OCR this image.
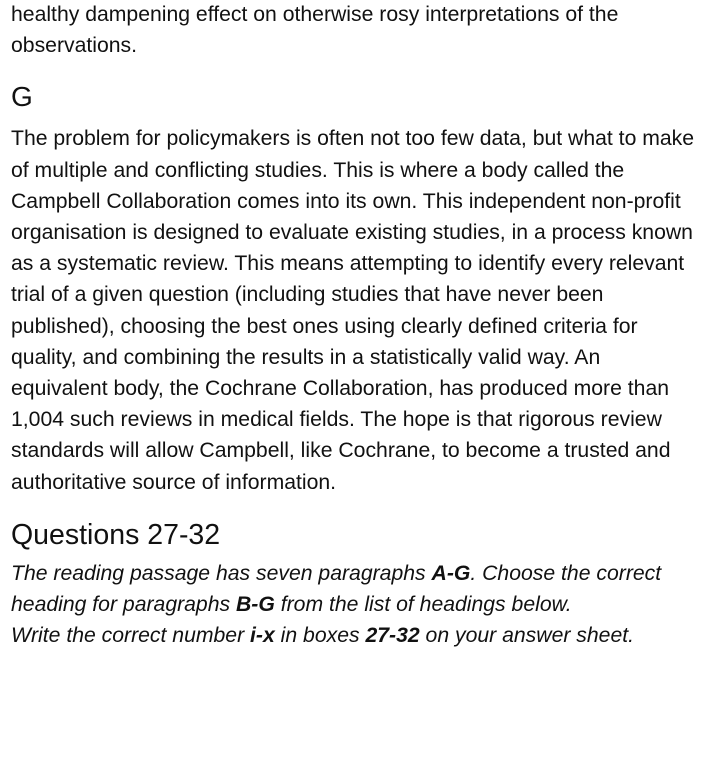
healthy dampening effect on otherwise rosy interpretations of the observations.

G

The problem for policymakers is often not too few data, but what to make of multiple and conflicting studies. This is where a body called the Campbell Collaboration comes into its own. This independent non-profit organisation is designed to evaluate existing studies, in a process known as a systematic review. This means attempting to identify every relevant trial of a given question (including studies that have never been published), choosing the best ones using clearly defined criteria for quality, and combining the results in a statistically valid way. An equivalent body, the Cochrane Collaboration, has produced more than 1,004 such reviews in medical fields. The hope is that rigorous review standards will allow Campbell, like Cochrane, to become a trusted and authoritative source of information.

Questions 27-32

The reading passage has seven paragraphs A-G. Choose the correct heading for paragraphs B-G from the list of headings below.

Write the correct number i-x in boxes 27-32 on your answer sheet.
